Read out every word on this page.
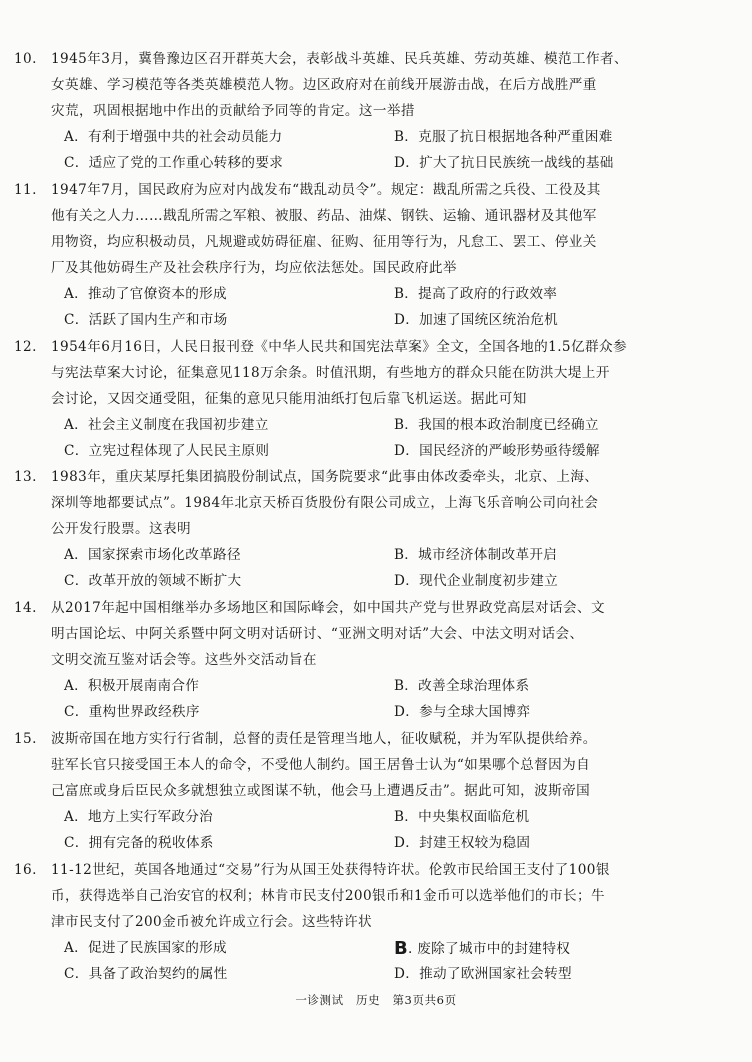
10. 1945年3月，冀鲁豫边区召开群英大会，表彰战斗英雄、民兵英雄、劳动英雄、模范工作者、
女英雄、学习模范等各类英雄模范人物。边区政府对在前线开展游击战，在后方战胜严重
灾荒，巩固根据地中作出的贡献给予同等的肯定。这一举措
A．有利于增强中共的社会动员能力	B．克服了抗日根据地各种严重困难
C．适应了党的工作重心转移的要求	D．扩大了抗日民族统一战线的基础
11. 1947年7月，国民政府为应对内战发布“戡乱动员令”。规定：戡乱所需之兵役、工役及其
他有关之人力……戡乱所需之军粮、被服、药品、油煤、钢铁、运输、通讯器材及其他军
用物资，均应积极动员，凡规避或妨碍征雇、征购、征用等行为，凡怠工、罢工、停业关
厂及其他妨碍生产及社会秩序行为，均应依法惩处。国民政府此举
A．推动了官僚资本的形成	B．提高了政府的行政效率
C．活跃了国内生产和市场	D．加速了国统区统治危机
12. 1954年6月16日，人民日报刊登《中华人民共和国宪法草案》全文，全国各地的1.5亿群众参
与宪法草案大讨论，征集意见118万余条。时值汛期，有些地方的群众只能在防洪大堤上开
会讨论，又因交通受阻，征集的意见只能用油纸打包后靠飞机运送。据此可知
A．社会主义制度在我国初步建立	B．我国的根本政治制度已经确立
C．立宪过程体现了人民民主原则	D．国民经济的严峻形势亟待缓解
13. 1983年，重庆某厚托集团搞股份制试点，国务院要求“此事由体改委牵头，北京、上海、
深圳等地都要试点”。1984年北京天桥百货股份有限公司成立，上海飞乐音响公司向社会
公开发行股票。这表明
A．国家探索市场化改革路径	B．城市经济体制改革开启
C．改革开放的领域不断扩大	D．现代企业制度初步建立
14. 从2017年起中国相继举办多场地区和国际峰会，如中国共产党与世界政党高层对话会、文
明古国论坛、中阿关系暨中阿文明对话研讨、“亚洲文明对话”大会、中法文明对话会、
文明交流互鉴对话会等。这些外交活动旨在
A．积极开展南南合作	B．改善全球治理体系
C．重构世界政经秩序	D．参与全球大国博弈
15. 波斯帝国在地方实行行省制，总督的责任是管理当地人，征收赋税，并为军队提供给养。
驻军长官只接受国王本人的命令，不受他人制约。国王居鲁士认为“如果哪个总督因为自
己富庶或身后臣民众多就想独立或图谋不轨，他会马上遭遇反击”。据此可知，波斯帝国
A．地方上实行军政分治	B．中央集权面临危机
C．拥有完备的税收体系	D．封建王权较为稳固
16. 11-12世纪，英国各地通过“交易”行为从国王处获得特许状。伦敦市民给国王支付了100银
币，获得选举自己治安官的权利；林肯市民支付200银币和1金币可以选举他们的市长；牛
津市民支付了200金币被允许成立行会。这些特许状
A．促进了民族国家的形成	B. 废除了城市中的封建特权
C．具备了政治契约的属性	D．推动了欧洲国家社会转型
一诊测试 历史 第3页共6页
